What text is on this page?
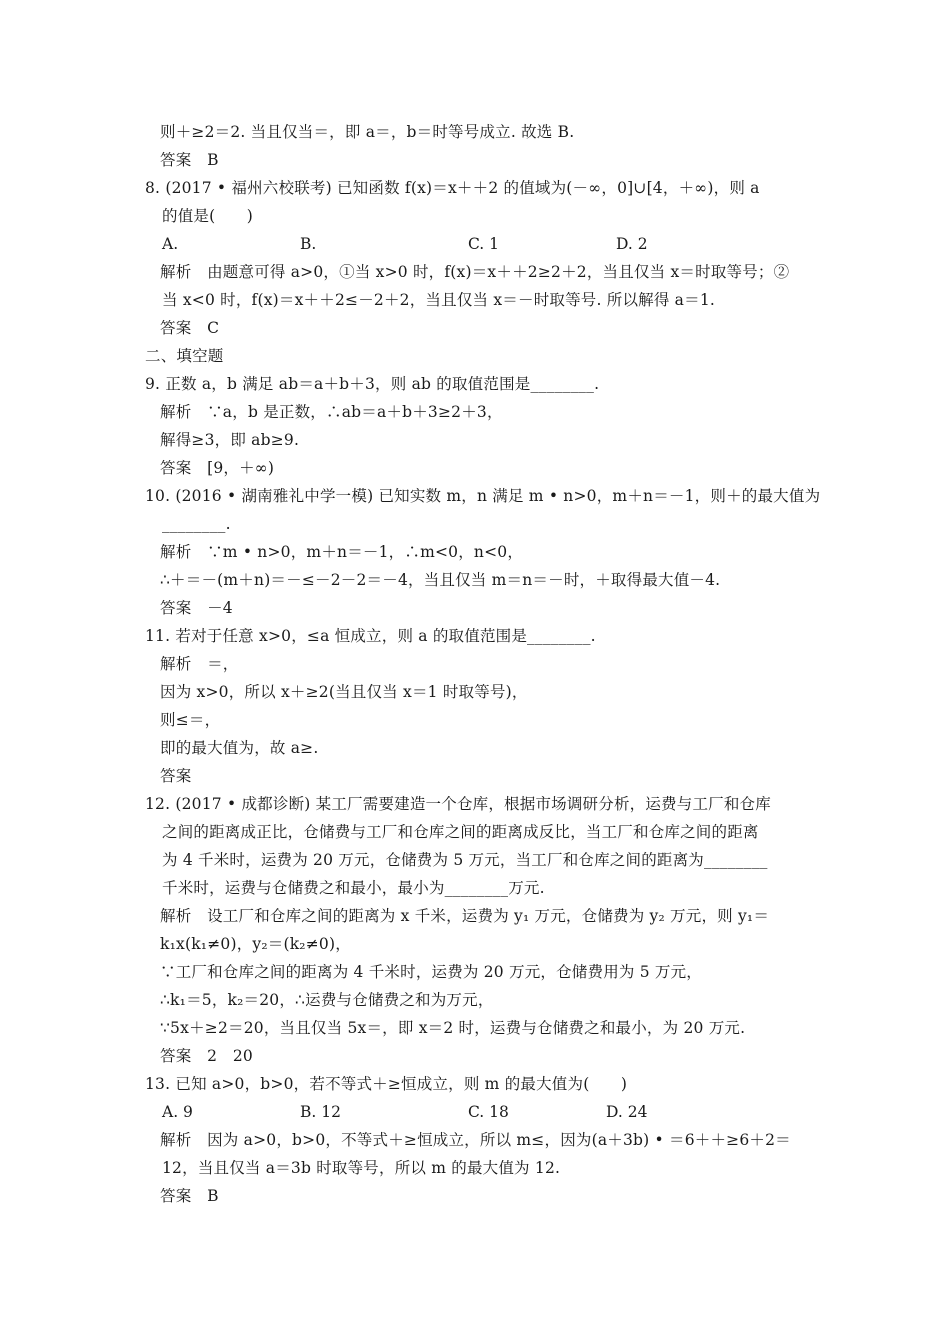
则＋≥2＝2. 当且仅当＝，即 a＝，b＝时等号成立. 故选 B.
答案　B
8. (2017 • 福州六校联考) 已知函数 f(x)＝x＋＋2 的值域为(－∞，0]∪[4，＋∞)，则 a
的值是(　　)
A.	B.	C. 1	D. 2
解析　由题意可得 a>0，①当 x>0 时，f(x)＝x＋＋2≥2＋2，当且仅当 x＝时取等号；②
当 x<0 时，f(x)＝x＋＋2≤－2＋2，当且仅当 x＝－时取等号. 所以解得 a＝1.
答案　C
二、填空题
9. 正数 a，b 满足 ab＝a＋b＋3，则 ab 的取值范围是________.
解析　∵a，b 是正数，∴ab＝a＋b＋3≥2＋3，
解得≥3，即 ab≥9.
答案　[9，＋∞)
10. (2016 • 湖南雅礼中学一模) 已知实数 m，n 满足 m • n>0，m＋n＝－1，则＋的最大值为
________.
解析　∵m • n>0，m＋n＝－1，∴m<0，n<0，
∴＋＝－(m＋n)＝－≤－2－2＝－4，当且仅当 m＝n＝－时，＋取得最大值－4.
答案　－4
11. 若对于任意 x>0，≤a 恒成立，则 a 的取值范围是________.
解析　＝，
因为 x>0，所以 x＋≥2(当且仅当 x＝1 时取等号)，
则≤＝，
即的最大值为，故 a≥.
答案
12. (2017 • 成都诊断) 某工厂需要建造一个仓库，根据市场调研分析，运费与工厂和仓库
之间的距离成正比，仓储费与工厂和仓库之间的距离成反比，当工厂和仓库之间的距离
为 4 千米时，运费为 20 万元，仓储费为 5 万元，当工厂和仓库之间的距离为________
千米时，运费与仓储费之和最小，最小为________万元.
解析　设工厂和仓库之间的距离为 x 千米，运费为 y₁ 万元，仓储费为 y₂ 万元，则 y₁＝
k₁x(k₁≠0)，y₂＝(k₂≠0)，
∵工厂和仓库之间的距离为 4 千米时，运费为 20 万元，仓储费用为 5 万元，
∴k₁＝5，k₂＝20，∴运费与仓储费之和为万元，
∵5x＋≥2＝20，当且仅当 5x＝，即 x＝2 时，运费与仓储费之和最小，为 20 万元.
答案　2　20
13. 已知 a>0，b>0，若不等式＋≥恒成立，则 m 的最大值为(　　)
A. 9	B. 12	C. 18	D. 24
解析　因为 a>0，b>0，不等式＋≥恒成立，所以 m≤，因为(a＋3b) • ＝6＋＋≥6＋2＝
12，当且仅当 a＝3b 时取等号，所以 m 的最大值为 12.
答案　B
